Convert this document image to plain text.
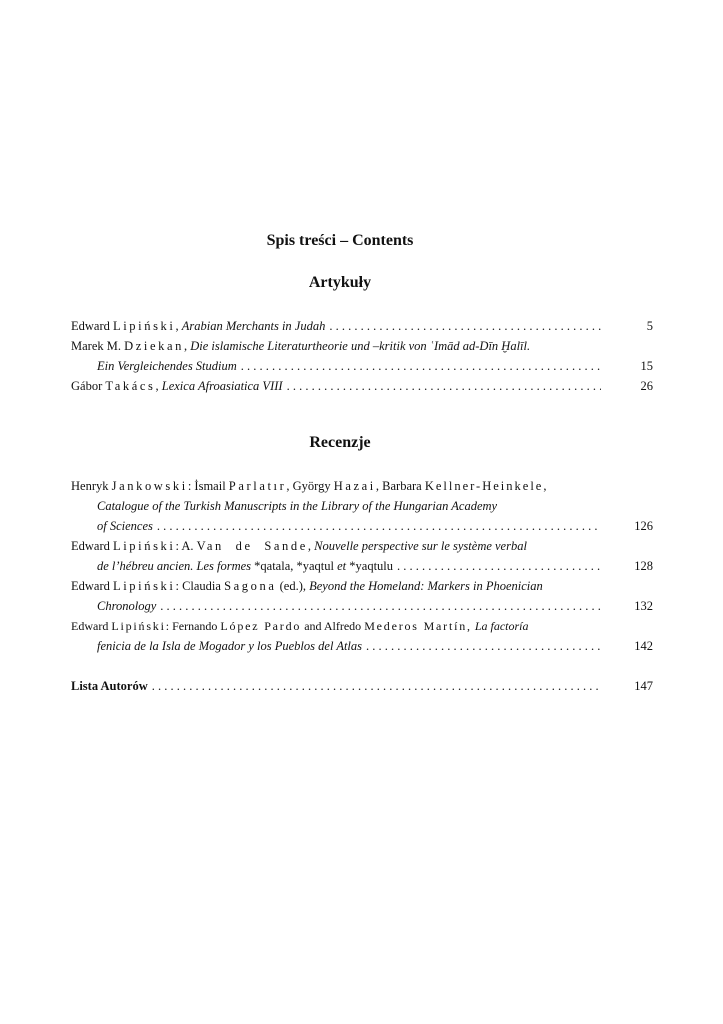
Spis treści – Contents
Artykuły
Edward Lipiński, Arabian Merchants in Judah . . .	5
Marek M. Dziekan, Die islamische Literaturtheorie und –kritik von ʿImād ad-Dīn Ḫalīl.
Ein Vergleichendes Studium . . .	15
Gábor Takács, Lexica Afroasiatica VIII . . .	26
Recenzje
Henryk Jankowski: İsmail Parlatır, György Hazai, Barbara Kellner-Heinkele,
Catalogue of the Turkish Manuscripts in the Library of the Hungarian Academy
of Sciences . . .	126
Edward Lipiński: A. Van de Sande, Nouvelle perspective sur le système verbal
de l’hébreu ancien. Les formes *qatala, *yaqtul et *yaqtulu . . .	128
Edward Lipiński: Claudia Sagona (ed.), Beyond the Homeland: Markers in Phoenician
Chronology . . .	132
Edward Lipiński: Fernando López Pardo and Alfredo Mederos Martín, La factoría
fenicia de la Isla de Mogador y los Pueblos del Atlas . . .	142
Lista Autorów . . .	147
